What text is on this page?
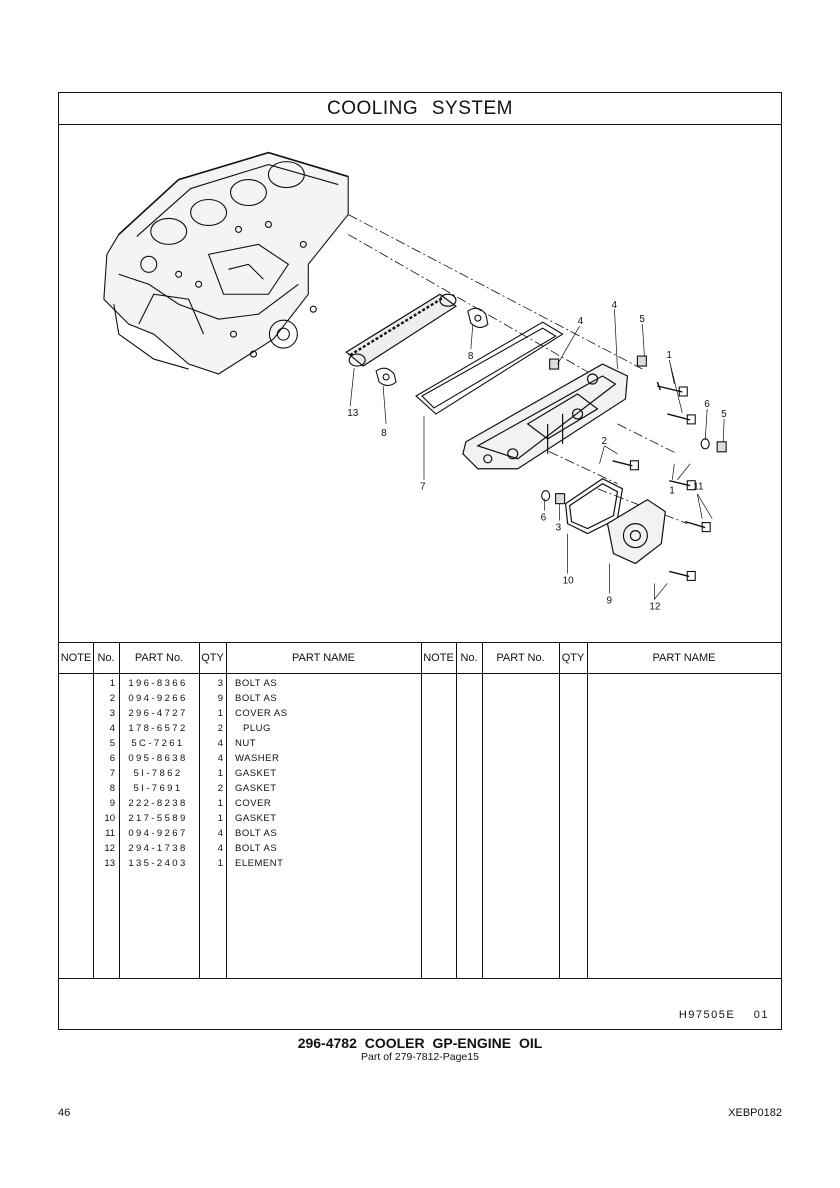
COOLING SYSTEM
4
4	5
1
6
5
2
1 11
6
3
10
9
12
13
8
8
7
NOTE No.	PART No.	QTY	PART NAME	NOTE No.	PART No.	QTY	PART NAME
1	196-8366	3 BOLT AS
2	094-9266	9 BOLT AS
3	296-4727	1 COVER AS
4	178-6572	2	PLUG
5	5C-7261	4 NUT
6	095-8638	4 WASHER
7	5I-7862	1 GASKET
8	5I-7691	2 GASKET
9	222-8238	1 COVER
10	217-5589	1 GASKET
11	094-9267	4 BOLT AS
12	294-1738	4 BOLT AS
13	135-2403	1 ELEMENT
H97505E 01
296-4782 COOLER GP-ENGINE OIL
Part of 279-7812-Page15
46	XEBP0182
